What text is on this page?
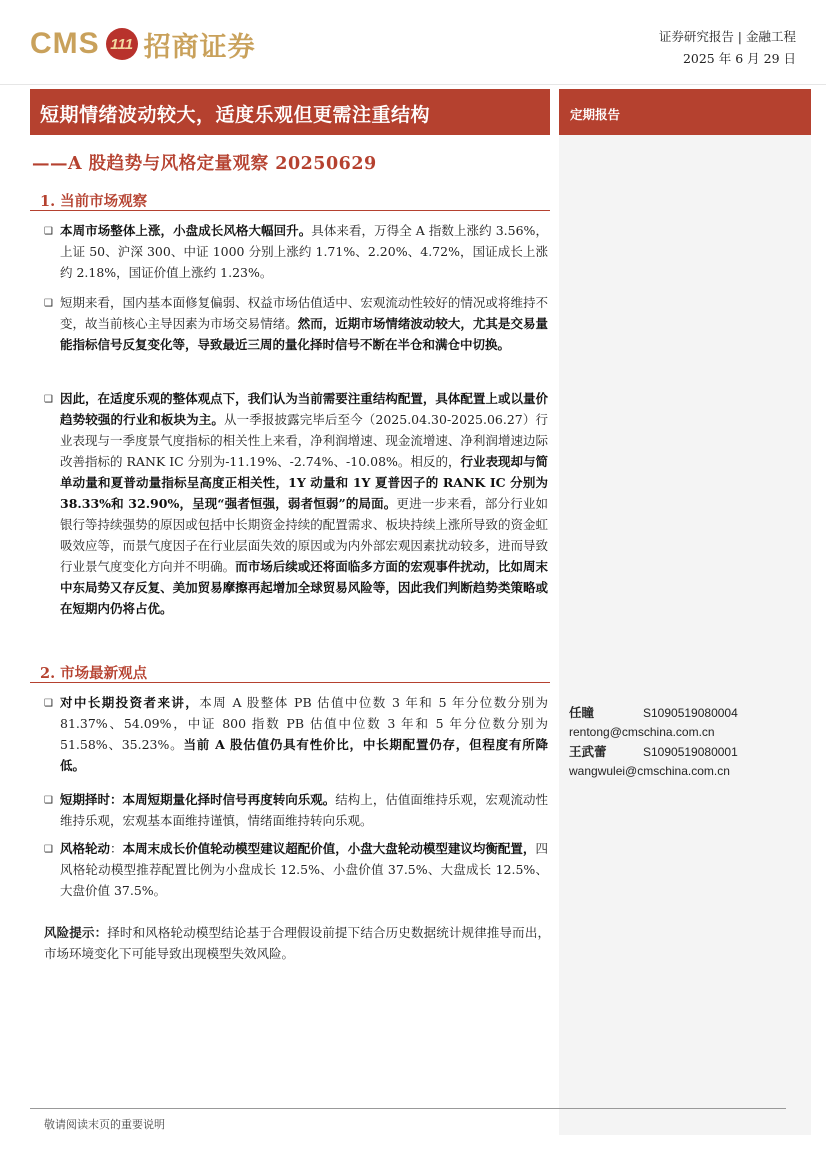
CMS 111 招商证券	证券研究报告 | 金融工程
2025 年 6 月 29 日
短期情绪波动较大，适度乐观但更需注重结构	定期报告
——A 股趋势与风格定量观察 20250629
1. 当前市场观察
❑ 本周市场整体上涨，小盘成长风格大幅回升。具体来看，万得全 A 指数上涨约 3.56%，上证 50、沪深 300、中证 1000 分别上涨约 1.71%、2.20%、4.72%，国证成长上涨约 2.18%，国证价值上涨约 1.23%。
❑ 短期来看，国内基本面修复偏弱、权益市场估值适中、宏观流动性较好的情况或将维持不变，故当前核心主导因素为市场交易情绪。然而，近期市场情绪波动较大，尤其是交易量能指标信号反复变化等，导致最近三周的量化择时信号不断在半仓和满仓中切换。
❑ 因此，在适度乐观的整体观点下，我们认为当前需要注重结构配置，具体配置上或以量价趋势较强的行业和板块为主。从一季报披露完毕后至今（2025.04.30-2025.06.27）行业表现与一季度景气度指标的相关性上来看，净利润增速、现金流增速、净利润增速边际改善指标的 RANK IC 分别为-11.19%、-2.74%、-10.08%。相反的，行业表现却与简单动量和夏普动量指标呈高度正相关性，1Y 动量和 1Y 夏普因子的 RANK IC 分别为 38.33%和 32.90%，呈现“强者恒强，弱者恒弱”的局面。更进一步来看，部分行业如银行等持续强势的原因或包括中长期资金持续的配置需求、板块持续上涨所导致的资金虹吸效应等，而景气度因子在行业层面失效的原因或为内外部宏观因素扰动较多，进而导致行业景气度变化方向并不明确。而市场后续或还将面临多方面的宏观事件扰动，比如周末中东局势又存反复、美加贸易摩擦再起增加全球贸易风险等，因此我们判断趋势类策略或在短期内仍将占优。
2. 市场最新观点
❑ 对中长期投资者来讲，本周 A 股整体 PB 估值中位数 3 年和 5 年分位数分别为 81.37%、54.09%，中证 800 指数 PB 估值中位数 3 年和 5 年分位数分别为 51.58%、35.23%。当前 A 股估值仍具有性价比，中长期配置仍存，但程度有所降低。
❑ 短期择时：本周短期量化择时信号再度转向乐观。结构上，估值面维持乐观，宏观流动性维持乐观，宏观基本面维持谨慎，情绪面维持转向乐观。
❑ 风格轮动：本周末成长价值轮动模型建议超配价值，小盘大盘轮动模型建议均衡配置，四风格轮动模型推荐配置比例为小盘成长 12.5%、小盘价值 37.5%、大盘成长 12.5%、大盘价值 37.5%。
风险提示：择时和风格轮动模型结论基于合理假设前提下结合历史数据统计规律推导而出，市场环境变化下可能导致出现模型失效风险。
任瞳	S1090519080004
rentong@cmschina.com.cn
王武蕾	S1090519080001
wangwulei@cmschina.com.cn
敬请阅读末页的重要说明
